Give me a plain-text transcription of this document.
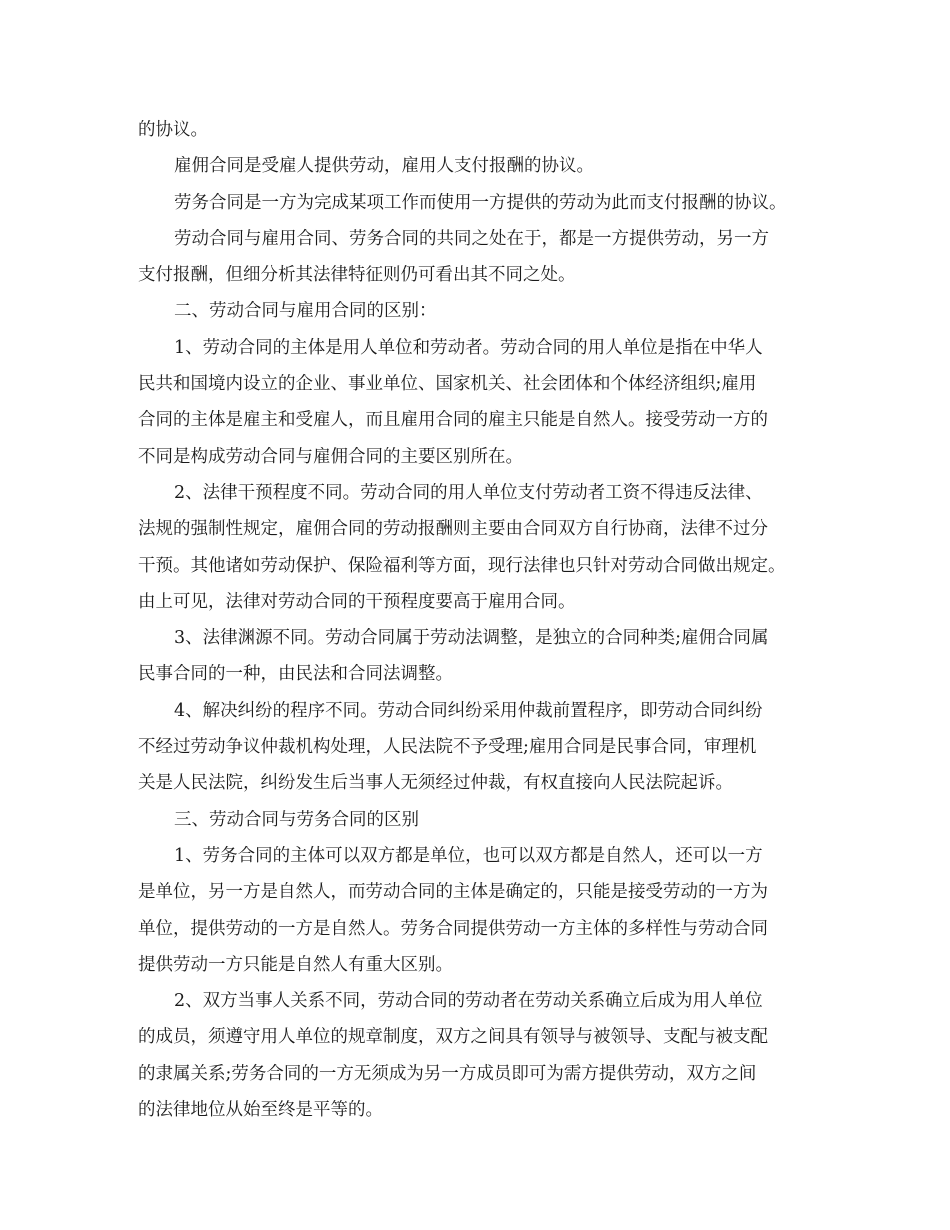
的协议。
雇佣合同是受雇人提供劳动，雇用人支付报酬的协议。
劳务合同是一方为完成某项工作而使用一方提供的劳动为此而支付报酬的协议。
劳动合同与雇用合同、劳务合同的共同之处在于，都是一方提供劳动，另一方
支付报酬，但细分析其法律特征则仍可看出其不同之处。
二、劳动合同与雇用合同的区别：
1、劳动合同的主体是用人单位和劳动者。劳动合同的用人单位是指在中华人
民共和国境内设立的企业、事业单位、国家机关、社会团体和个体经济组织;雇用
合同的主体是雇主和受雇人，而且雇用合同的雇主只能是自然人。接受劳动一方的
不同是构成劳动合同与雇佣合同的主要区别所在。
2、法律干预程度不同。劳动合同的用人单位支付劳动者工资不得违反法律、
法规的强制性规定，雇佣合同的劳动报酬则主要由合同双方自行协商，法律不过分
干预。其他诸如劳动保护、保险福利等方面，现行法律也只针对劳动合同做出规定。
由上可见，法律对劳动合同的干预程度要高于雇用合同。
3、法律渊源不同。劳动合同属于劳动法调整，是独立的合同种类;雇佣合同属
民事合同的一种，由民法和合同法调整。
4、解决纠纷的程序不同。劳动合同纠纷采用仲裁前置程序，即劳动合同纠纷
不经过劳动争议仲裁机构处理，人民法院不予受理;雇用合同是民事合同，审理机
关是人民法院，纠纷发生后当事人无须经过仲裁，有权直接向人民法院起诉。
三、劳动合同与劳务合同的区别
1、劳务合同的主体可以双方都是单位，也可以双方都是自然人，还可以一方
是单位，另一方是自然人，而劳动合同的主体是确定的，只能是接受劳动的一方为
单位，提供劳动的一方是自然人。劳务合同提供劳动一方主体的多样性与劳动合同
提供劳动一方只能是自然人有重大区别。
2、双方当事人关系不同，劳动合同的劳动者在劳动关系确立后成为用人单位
的成员，须遵守用人单位的规章制度，双方之间具有领导与被领导、支配与被支配
的隶属关系;劳务合同的一方无须成为另一方成员即可为需方提供劳动，双方之间
的法律地位从始至终是平等的。
